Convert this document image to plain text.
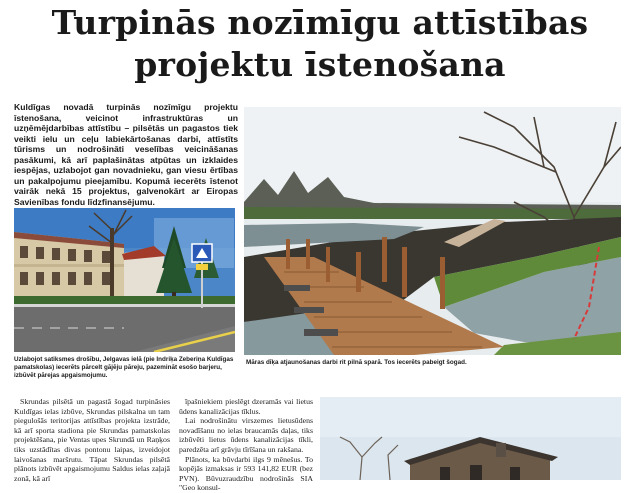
Turpinās nozīmīgu attīstības
projektu īstenošana
Kuldīgas novadā turpinās nozīmīgu projektu īstenošana, veicinot infrastruktūras un uzņēmējdarbības attīstību – pilsētās un pagastos tiek veikti ielu un ceļu labiekārtošanas darbi, attīstīts tūrisms un nodrošināti veselības veicināšanas pasākumi, kā arī paplašinātas atpūtas un izklaides iespējas, uzlabojot gan novadnieku, gan viesu ērtības un pakalpojumu pieejamību. Kopumā iecerēts īstenot vairāk nekā 15 projektus, galvenokārt ar Eiropas Savienības fondu līdzfinansējumu.
Uzlabojot satiksmes drošību, Jelgavas ielā (pie Indriķa Zeberiņa Kuldīgas pamatskolas) iecerēts pārcelt gājēju pāreju, pazemināt esošo barjeru, izbūvēt pārejas apgaismojumu.
Māras dīķa atjaunošanas darbi rit pilnā sparā. Tos iecerēts pabeigt šogad.

Skrundas pilsētā un pagastā šogad turpināsies Kuldīgas ielas izbūve, Skrundas pilskalna un tam piegulošās teritorijas attīstības projekta izstrāde, kā arī sporta stadiona pie Skrundas pamatskolas projektēšana, pie Ventas upes Skrundā un Raņķos tiks uzstādītas divas pontonu laipas, izveidojot laivošanas maršrutu. Tāpat Skrundas pilsētā plānots izbūvēt apgaismojumu Saldus ielas zaļajā zonā, kā arī

īpašniekiem pieslēgt dzeramās vai lietus ūdens kanalizācijas tīklus.

Lai nodrošinātu virszemes lietusūdens novadīšanu no ielas braucamās daļas, tiks izbūvēti lietus ūdens kanalizācijas tīkli, paredzēta arī grāvju tīrīšana un rakšana.

Plānots, ka būvdarbi ilgs 9 mēnešus. To kopējās izmaksas ir 593 141,82 EUR (bez PVN). Būvuzraudzību nodrošinās SIA "Geo konsul-
